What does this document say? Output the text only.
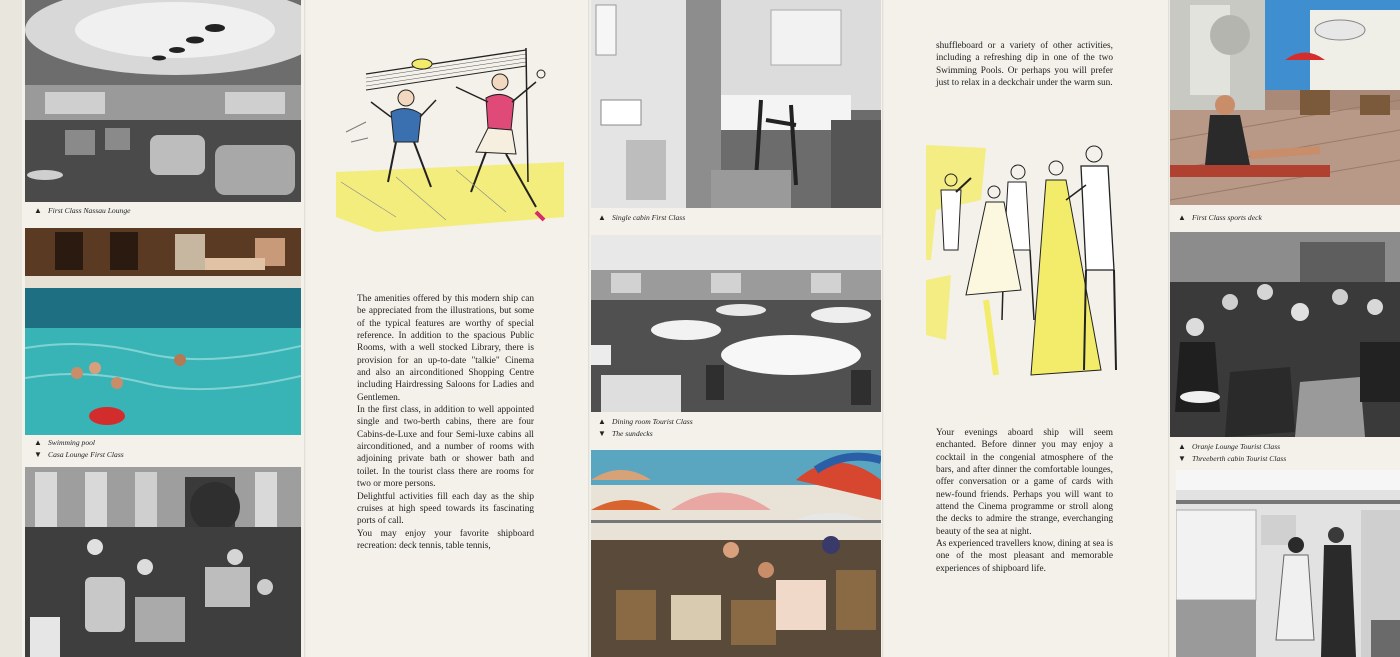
▲ First Class Nassau Lounge
▲ Swimming pool
▼ Casa Lounge First Class

The amenities offered by this modern ship can be appreciated from the illustrations, but some of the typical features are worthy of special reference. In addition to the spacious Public Rooms, with a well stocked Library, there is provision for an up-to-date "talkie" Cinema and also an airconditioned Shopping Centre including Hairdressing Saloons for Ladies and Gentlemen.

In the first class, in addition to well appointed single and two-berth cabins, there are four Cabins-de-Luxe and four Semi-luxe cabins all airconditioned, and a number of rooms with adjoining private bath or shower bath and toilet. In the tourist class there are rooms for two or more persons.

Delightful activities fill each day as the ship cruises at high speed towards its fascinating ports of call.

You may enjoy your favorite shipboard recreation: deck tennis, table tennis,

▲ Single cabin First Class
▲ Dining room Tourist Class
▼ The sundecks

shuffleboard or a variety of other activities, including a refreshing dip in one of the two Swimming Pools. Or perhaps you will prefer just to relax in a deckchair under the warm sun.

Your evenings aboard ship will seem enchanted. Before dinner you may enjoy a cocktail in the congenial atmosphere of the bars, and after dinner the comfortable lounges, offer conversation or a game of cards with new-found friends. Perhaps you will want to attend the Cinema programme or stroll along the decks to admire the strange, everchanging beauty of the sea at night.

As experienced travellers know, dining at sea is one of the most pleasant and memorable experiences of shipboard life.

▲ First Class sports deck
▲ Oranje Lounge Tourist Class
▼ Threeberth cabin Tourist Class
